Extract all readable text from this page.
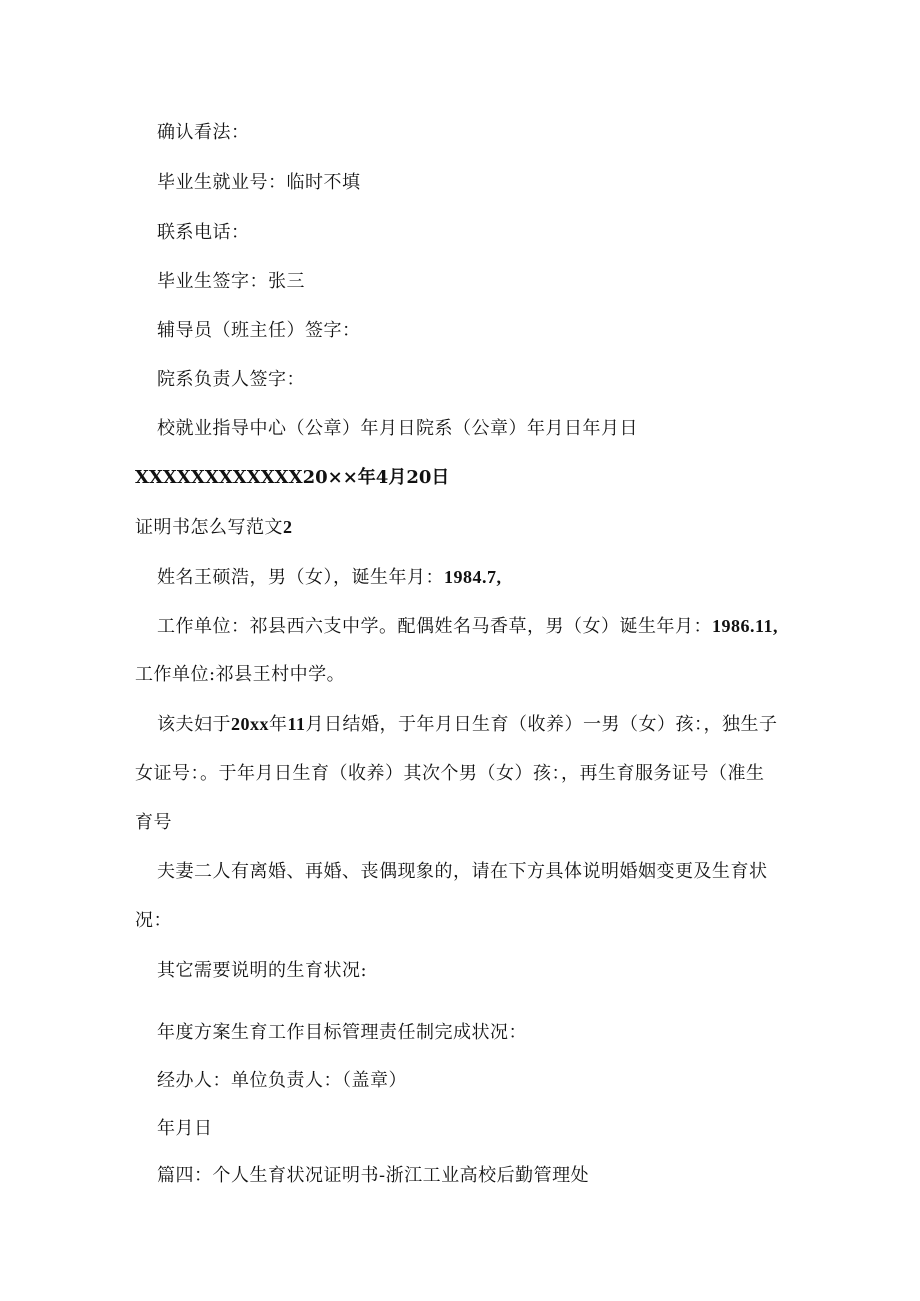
确认看法：
毕业生就业号：临时不填
联系电话：
毕业生签字：张三
辅导员（班主任）签字：
院系负责人签字：
校就业指导中心（公章）年月日院系（公章）年月日年月日
XXXXXXXXXXXX20××年4月20日
证明书怎么写范文2
姓名王硕浩，男（女），诞生年月：1984.7,
工作单位：祁县西六支中学。配偶姓名马香草，男（女）诞生年月：1986.11,
工作单位:祁县王村中学。
该夫妇于20xx年11月日结婚，于年月日生育（收养）一男（女）孩：，独生子
女证号：。于年月日生育（收养）其次个男（女）孩：，再生育服务证号（准生
育号
夫妻二人有离婚、再婚、丧偶现象的，请在下方具体说明婚姻变更及生育状
况：
其它需要说明的生育状况:
年度方案生育工作目标管理责任制完成状况：
经办人：单位负责人：（盖章）
年月日
篇四：个人生育状况证明书-浙江工业高校后勤管理处
